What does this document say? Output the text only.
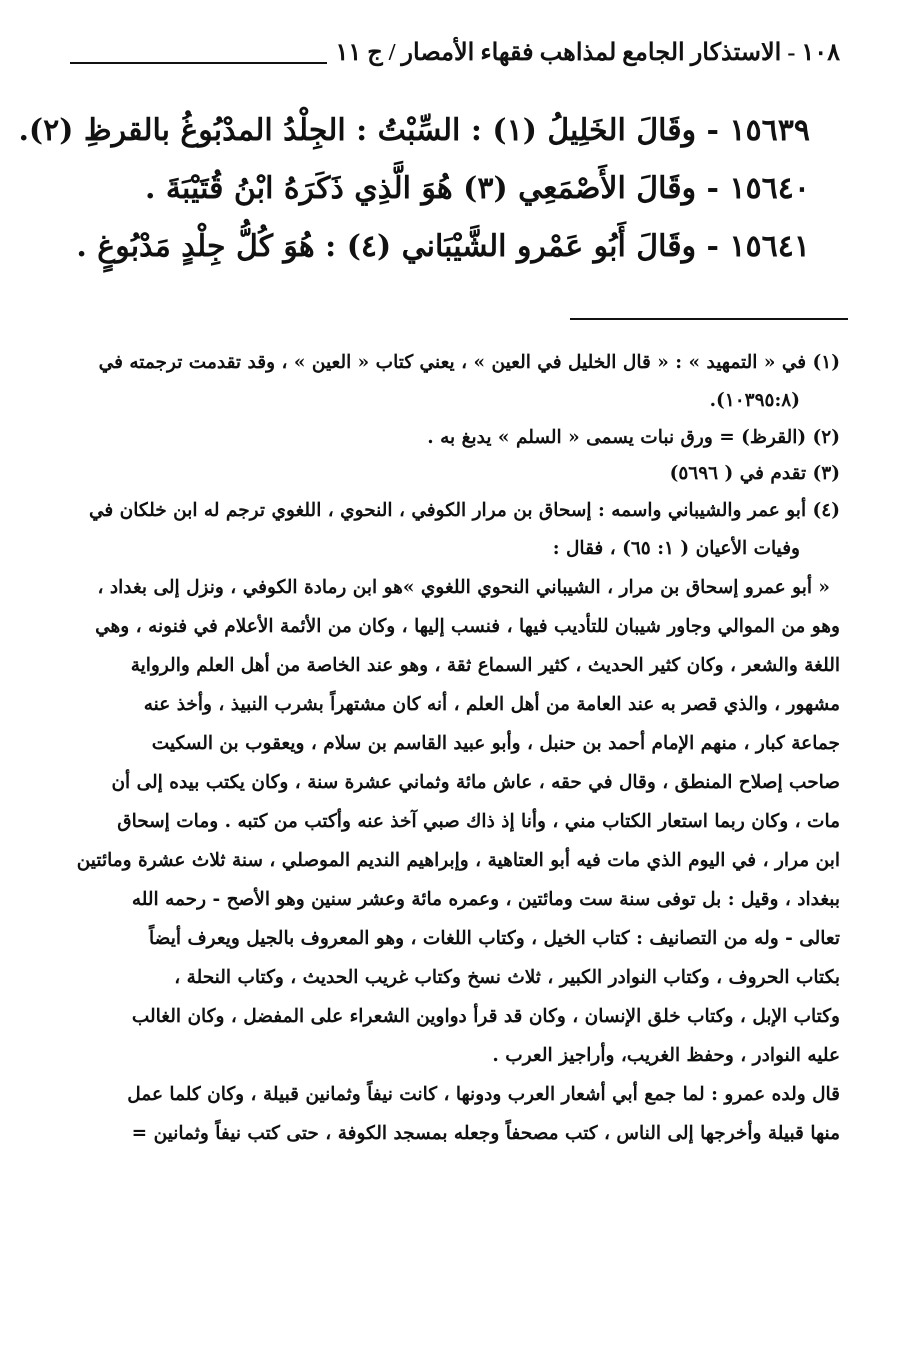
١٠٨ - الاستذكار الجامع لمذاهب فقهاء الأمصار / ج ١١
١٥٦٣٩ - وقَالَ الخَلِيلُ (١) : السِّبْتُ : الجِلْدُ المدْبُوغُ بالقرظِ (٢).
١٥٦٤٠ - وقَالَ الأَصْمَعِي (٣) هُوَ الَّذِي ذَكَرَهُ ابْنُ قُتَيْبَةَ .
١٥٦٤١ - وقَالَ أَبُو عَمْرو الشَّيْبَاني (٤) : هُوَ كُلُّ جِلْدٍ مَدْبُوغٍ .
(١) في « التمهيد » : « قال الخليل في العين » ، يعني كتاب « العين » ، وقد تقدمت ترجمته في
(١٠٣٩٥:٨).
(٢) (القرظ) = ورق نبات يسمى « السلم » يدبغ به .
(٣) تقدم في ( ٥٦٩٦)
(٤) أبو عمر والشيباني واسمه : إسحاق بن مرار الكوفي ، النحوي ، اللغوي ترجم له ابن خلكان في
وفيات الأعيان ( ١: ٦٥) ، فقال :
« أبو عمرو إسحاق بن مرار ، الشيباني النحوي اللغوي »هو ابن رمادة الكوفي ، ونزل إلى بغداد ،
وهو من الموالي وجاور شيبان للتأديب فيها ، فنسب إليها ، وكان من الأئمة الأعلام في فنونه ، وهي
اللغة والشعر ، وكان كثير الحديث ، كثير السماع ثقة ، وهو عند الخاصة من أهل العلم والرواية
مشهور ، والذي قصر به عند العامة من أهل العلم ، أنه كان مشتهراً بشرب النبيذ ، وأخذ عنه
جماعة كبار ، منهم الإمام أحمد بن حنبل ، وأبو عبيد القاسم بن سلام ، ويعقوب بن السكيت
صاحب إصلاح المنطق ، وقال في حقه ، عاش مائة وثماني عشرة سنة ، وكان يكتب بيده إلى أن
مات ، وكان ربما استعار الكتاب مني ، وأنا إذ ذاك صبي آخذ عنه وأكتب من كتبه . ومات إسحاق
ابن مرار ، في اليوم الذي مات فيه أبو العتاهية ، وإبراهيم النديم الموصلي ، سنة ثلاث عشرة ومائتين
ببغداد ، وقيل : بل توفى سنة ست ومائتين ، وعمره مائة وعشر سنين وهو الأصح - رحمه الله
تعالى - وله من التصانيف : كتاب الخيل ، وكتاب اللغات ، وهو المعروف بالجيل ويعرف أيضاً
بكتاب الحروف ، وكتاب النوادر الكبير ، ثلاث نسخ وكتاب غريب الحديث ، وكتاب النحلة ،
وكتاب الإبل ، وكتاب خلق الإنسان ، وكان قد قرأ دواوين الشعراء على المفضل ، وكان الغالب
عليه النوادر ، وحفظ الغريب، وأراجيز العرب .
قال ولده عمرو : لما جمع أبي أشعار العرب ودونها ، كانت نيفاً وثمانين قبيلة ، وكان كلما عمل
منها قبيلة وأخرجها إلى الناس ، كتب مصحفاً وجعله بمسجد الكوفة ، حتى كتب نيفاً وثمانين =
